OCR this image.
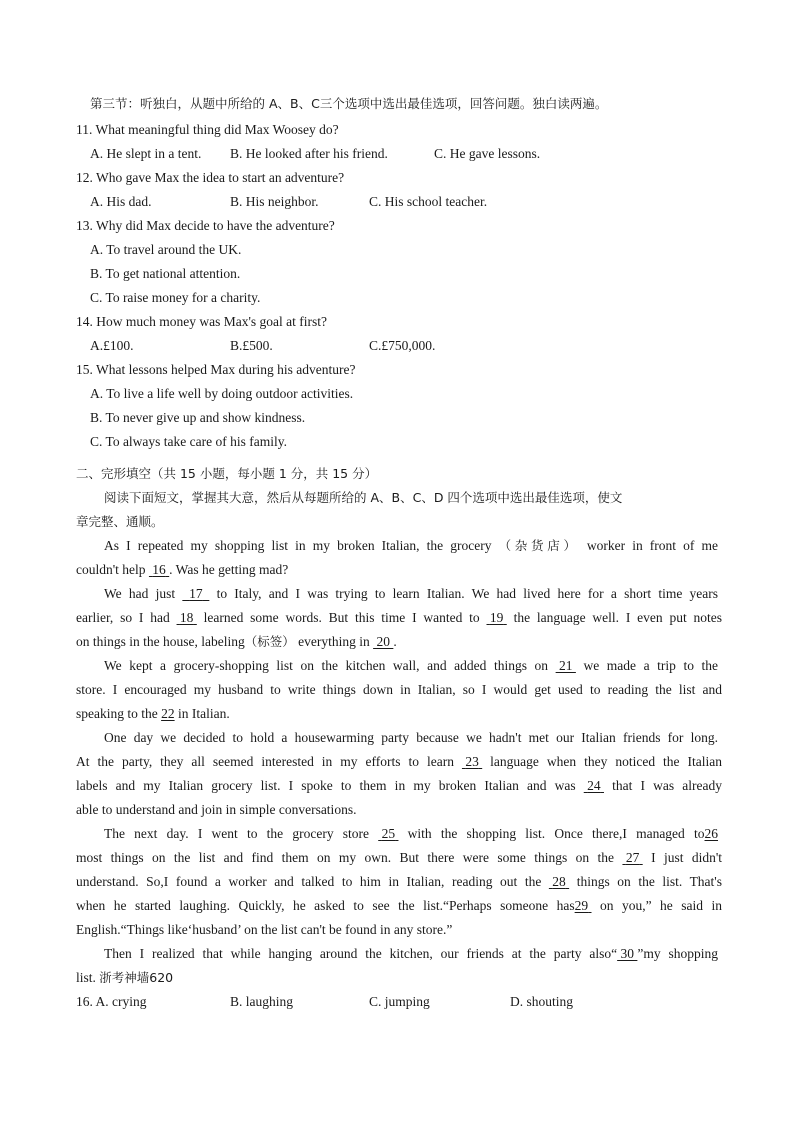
第三节：听独白，从题中所给的 A、B、C三个选项中选出最佳选项，回答问题。独白读两遍。
11. What meaningful thing did Max Woosey do?
A. He slept in a tent. B. He looked after his friend.	C. He gave lessons.
12. Who gave Max the idea to start an adventure?
A. His dad.	B. His neighbor.	C. His school teacher.
13. Why did Max decide to have the adventure?
A. To travel around the UK.
B. To get national attention.
C. To raise money for a charity.
14. How much money was Max's goal at first?
A.£100.	B.£500.	C.£750,000.
15. What lessons helped Max during his adventure?
A. To live a life well by doing outdoor activities.
B. To never give up and show kindness.
C. To always take care of his family.
二、完形填空（共 15 小题，每小题 1 分，共 15 分）
阅读下面短文，掌握其大意，然后从每题所给的 A、B、C、D 四个选项中选出最佳选项，使文
章完整、通顺。
As I repeated my shopping list in my broken Italian, the grocery （杂货店） worker in front of me
couldn't help 16 . Was he getting mad?
We had just 17 to Italy, and I was trying to learn Italian. We had lived here for a short time years
earlier, so I had 18 learned some words. But this time I wanted to 19 the language well. I even put notes
on things in the house, labeling（标签） everything in 20 .
We kept a grocery-shopping list on the kitchen wall, and added things on 21 we made a trip to the
store. I encouraged my husband to write things down in Italian, so I would get used to reading the list and
speaking to the 22 in Italian.
One day we decided to hold a housewarming party because we hadn't met our Italian friends for long.
At the party, they all seemed interested in my efforts to learn 23 language when they noticed the Italian
labels and my Italian grocery list. I spoke to them in my broken Italian and was 24 that I was already
able to understand and join in simple conversations.
The next day. I went to the grocery store 25 with the shopping list. Once there,I managed to26
most things on the list and find them on my own. But there were some things on the 27 I just didn't
understand. So,I found a worker and talked to him in Italian, reading out the 28 things on the list. That's
when he started laughing. Quickly, he asked to see the list.“Perhaps someone has29 on you,” he said in
English.“Things like‘husband’ on the list can't be found in any store.”
Then I realized that while hanging around the kitchen, our friends at the party also“ 30 ”my shopping
list. 浙考神墙620
16. A. crying	B. laughing	C. jumping	D. shouting
